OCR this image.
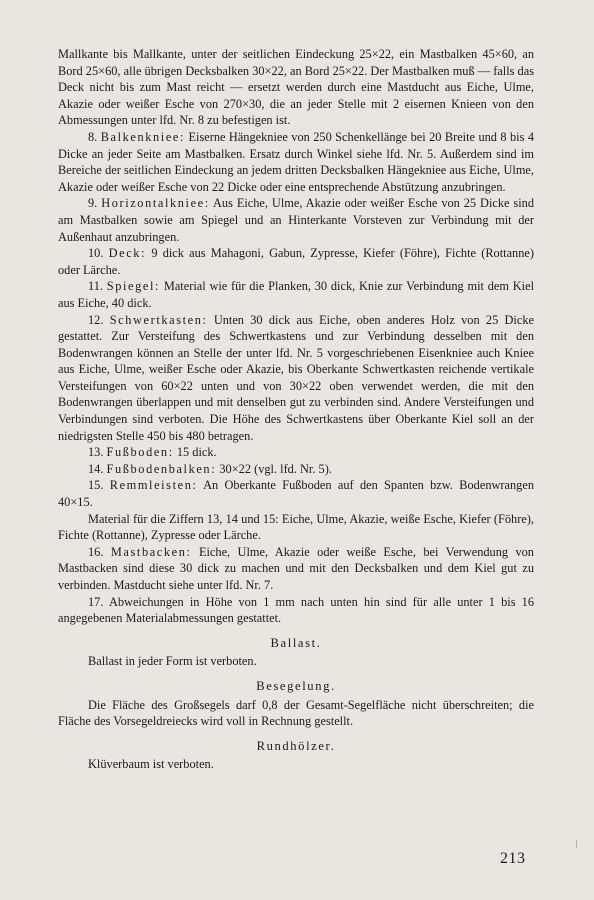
Mallkante bis Mallkante, unter der seitlichen Eindeckung 25×22, ein Mastbalken 45×60, an Bord 25×60, alle übrigen Decksbalken 30×22, an Bord 25×22. Der Mastbalken muß — falls das Deck nicht bis zum Mast reicht — ersetzt werden durch eine Mastducht aus Eiche, Ulme, Akazie oder weißer Esche von 270×30, die an jeder Stelle mit 2 eisernen Knieen von den Abmessungen unter lfd. Nr. 8 zu befestigen ist.

8. Balkenkniee: Eiserne Hängekniee von 250 Schenkellänge bei 20 Breite und 8 bis 4 Dicke an jeder Seite am Mastbalken. Ersatz durch Winkel siehe lfd. Nr. 5. Außerdem sind im Bereiche der seitlichen Eindeckung an jedem dritten Decksbalken Hängekniee aus Eiche, Ulme, Akazie oder weißer Esche von 22 Dicke oder eine entsprechende Abstützung anzubringen.

9. Horizontalkniee: Aus Eiche, Ulme, Akazie oder weißer Esche von 25 Dicke sind am Mastbalken sowie am Spiegel und an Hinterkante Vorsteven zur Verbindung mit der Außenhaut anzubringen.

10. Deck: 9 dick aus Mahagoni, Gabun, Zypresse, Kiefer (Föhre), Fichte (Rottanne) oder Lärche.

11. Spiegel: Material wie für die Planken, 30 dick, Knie zur Verbindung mit dem Kiel aus Eiche, 40 dick.

12. Schwertkasten: Unten 30 dick aus Eiche, oben anderes Holz von 25 Dicke gestattet. Zur Versteifung des Schwertkastens und zur Verbindung desselben mit den Bodenwrangen können an Stelle der unter lfd. Nr. 5 vorgeschriebenen Eisenkniee auch Kniee aus Eiche, Ulme, weißer Esche oder Akazie, bis Oberkante Schwertkasten reichende vertikale Versteifungen von 60×22 unten und von 30×22 oben verwendet werden, die mit den Bodenwrangen überlappen und mit denselben gut zu verbinden sind. Andere Versteifungen und Verbindungen sind verboten. Die Höhe des Schwertkastens über Oberkante Kiel soll an der niedrigsten Stelle 450 bis 480 betragen.

13. Fußboden: 15 dick.

14. Fußbodenbalken: 30×22 (vgl. lfd. Nr. 5).

15. Remmleisten: An Oberkante Fußboden auf den Spanten bzw. Bodenwrangen 40×15.

Material für die Ziffern 13, 14 und 15: Eiche, Ulme, Akazie, weiße Esche, Kiefer (Föhre), Fichte (Rottanne), Zypresse oder Lärche.

16. Mastbacken: Eiche, Ulme, Akazie oder weiße Esche, bei Verwendung von Mastbacken sind diese 30 dick zu machen und mit den Decksbalken und dem Kiel gut zu verbinden. Mastducht siehe unter lfd. Nr. 7.

17. Abweichungen in Höhe von 1 mm nach unten hin sind für alle unter 1 bis 16 angegebenen Materialabmessungen gestattet.

Ballast.

Ballast in jeder Form ist verboten.

Besegelung.

Die Fläche des Großsegels darf 0,8 der Gesamt-Segelfläche nicht überschreiten; die Fläche des Vorsegeldreiecks wird voll in Rechnung gestellt.

Rundhölzer.

Klüverbaum ist verboten.

213
